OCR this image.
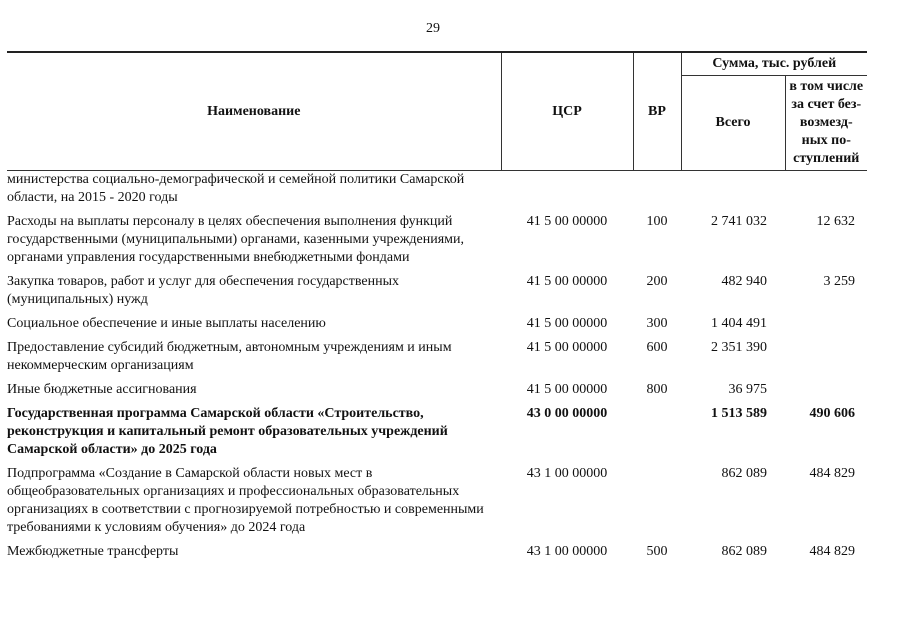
29
Наименование	ЦСР	ВР	Сумма, тыс. рублей	
			Всего	в том числе за счет без-возмезд-ных по-ступлений
министерства социально-демографической и семейной политики Самарской области, на 2015 - 2020 годы				
Расходы на выплаты персоналу в целях обеспечения выполнения функций государственными (муниципальными) органами, казенными учреждениями, органами управления государственными внебюджетными фондами	41 5 00 00000	100	2 741 032	12 632
Закупка товаров, работ и услуг для обеспечения государственных (муниципальных) нужд	41 5 00 00000	200	482 940	3 259
Социальное обеспечение и иные выплаты населению	41 5 00 00000	300	1 404 491	
Предоставление субсидий бюджетным, автономным учреждениям и иным некоммерческим организациям	41 5 00 00000	600	2 351 390	
Иные бюджетные ассигнования	41 5 00 00000	800	36 975	
Государственная программа Самарской области «Строительство, реконструкция и капитальный ремонт образовательных учреждений Самарской области» до 2025 года	43 0 00 00000		1 513 589	490 606
Подпрограмма «Создание в Самарской области новых мест в общеобразовательных организациях и профессиональных образовательных организациях в соответствии с прогнозируемой потребностью и современными требованиями к условиям обучения» до 2024 года	43 1 00 00000		862 089	484 829
Межбюджетные трансферты	43 1 00 00000	500	862 089	484 829
